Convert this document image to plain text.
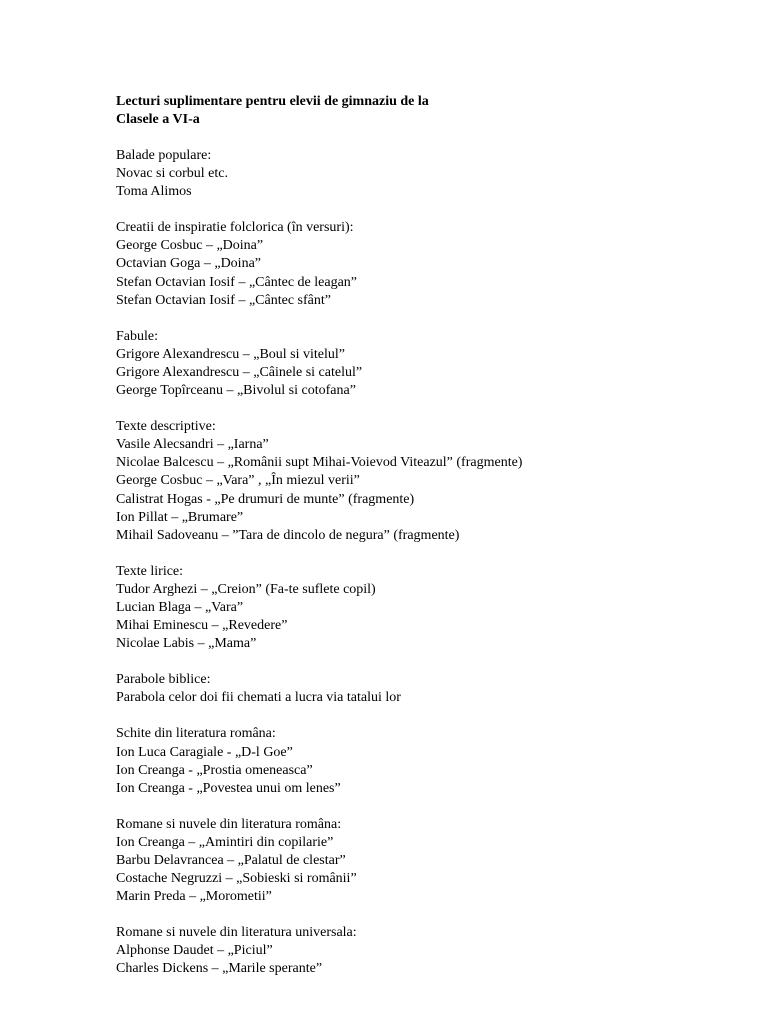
Lecturi suplimentare pentru elevii de gimnaziu de la
Clasele a VI-a
Balade populare:
Novac si corbul etc.
Toma Alimos
Creatii de inspiratie folclorica (în versuri):
George Cosbuc – „Doina”
Octavian Goga – „Doina”
Stefan Octavian Iosif – „Cântec de leagan”
Stefan Octavian Iosif – „Cântec sfânt”
Fabule:
Grigore Alexandrescu – „Boul si vitelul”
Grigore Alexandrescu – „Câinele si catelul”
George Topîrceanu – „Bivolul si cotofana”
Texte descriptive:
Vasile Alecsandri – „Iarna”
Nicolae Balcescu – „Românii supt Mihai-Voievod Viteazul” (fragmente)
George Cosbuc – „Vara” , „În miezul verii”
Calistrat Hogas - „Pe drumuri de munte” (fragmente)
Ion Pillat – „Brumare”
Mihail Sadoveanu – ”Tara de dincolo de negura” (fragmente)
Texte lirice:
Tudor Arghezi – „Creion” (Fa-te suflete copil)
Lucian Blaga – „Vara”
Mihai Eminescu – „Revedere”
Nicolae Labis – „Mama”
Parabole biblice:
Parabola celor doi fii chemati a lucra via tatalui lor
Schite din literatura româna:
Ion Luca Caragiale - „D-l Goe”
Ion Creanga - „Prostia omeneasca”
Ion Creanga - „Povestea unui om lenes”
Romane si nuvele din literatura româna:
Ion Creanga – „Amintiri din copilarie”
Barbu Delavrancea – „Palatul de clestar”
Costache Negruzzi – „Sobieski si românii”
Marin Preda – „Morometii”
Romane si nuvele din literatura universala:
Alphonse Daudet – „Piciul”
Charles Dickens – „Marile sperante”
